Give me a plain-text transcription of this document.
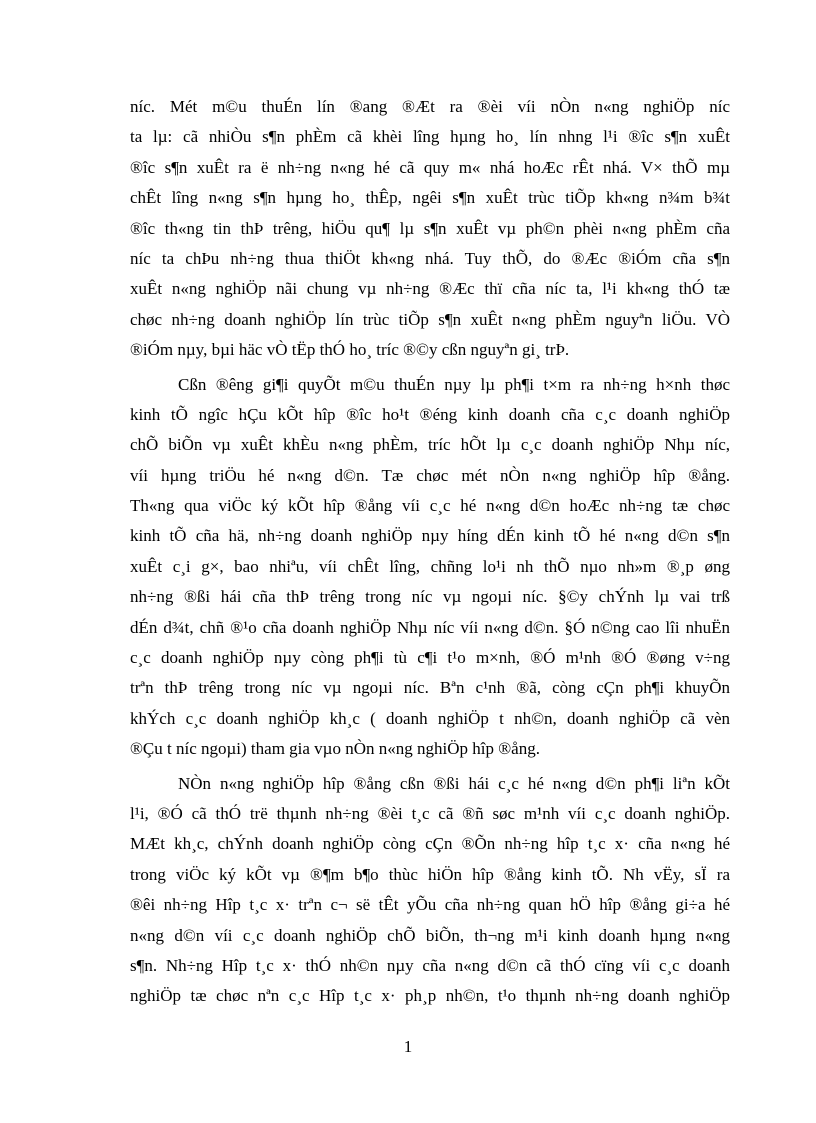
níc. Mét m©u thuÉn lín ®ang ®Æt ra ®èi víi nÒn n«ng nghiÖp níc
ta lµ: cã nhiÒu s¶n phÈm cã khèi lîng hµng ho¸ lín nhng l¹i ®îc s¶n xuÊt
®îc s¶n xuÊt ra ë nh÷ng n«ng hé cã quy m« nhá hoÆc rÊt nhá. V× thÕ mµ
chÊt lîng n«ng s¶n hµng ho¸ thÊp, ngêi s¶n xuÊt trùc tiÕp kh«ng n¾m b¾t
®îc th«ng tin thÞ trêng, hiÖu qu¶ lµ s¶n xuÊt vµ ph©n phèi n«ng phÈm cña
níc ta chÞu nh÷ng thua thiÖt kh«ng nhá. Tuy thÕ, do ®Æc ®iÓm cña s¶n
xuÊt n«ng nghiÖp nãi chung vµ nh÷ng ®Æc thï cña níc ta, l¹i kh«ng thÓ tæ
chøc nh÷ng doanh nghiÖp lín trùc tiÕp s¶n xuÊt n«ng phÈm nguyªn liÖu. VÒ
®iÓm nµy, bµi häc vÒ tËp thÓ ho¸ tríc ®©y cßn nguyªn gi¸ trÞ.
Cßn ®êng gi¶i quyÕt m©u thuÉn nµy lµ ph¶i t×m ra nh÷ng h×nh thøc
kinh tÕ ngîc hÇu kÕt hîp ®îc ho¹t ®éng kinh doanh cña c¸c doanh nghiÖp
chÕ biÕn vµ xuÊt khÈu n«ng phÈm, tríc hÕt lµ c¸c doanh nghiÖp Nhµ níc,
víi hµng triÖu hé n«ng d©n. Tæ chøc mét nÒn n«ng nghiÖp hîp ®ång.
Th«ng qua viÖc ký kÕt hîp ®ång víi c¸c hé n«ng d©n hoÆc nh÷ng tæ chøc
kinh tÕ cña hä, nh÷ng doanh nghiÖp nµy híng dÉn kinh tÕ hé n«ng d©n s¶n
xuÊt c¸i g×, bao nhiªu, víi chÊt lîng, chñng lo¹i nh thÕ nµo nh»m ®¸p øng
nh÷ng ®ßi hái cña thÞ trêng trong níc vµ ngoµi níc. §©y chÝnh lµ vai trß
dÉn d¾t, chñ ®¹o cña doanh nghiÖp Nhµ níc víi n«ng d©n. §Ó n©ng cao lîi nhuËn
c¸c doanh nghiÖp nµy còng ph¶i tù c¶i t¹o m×nh, ®Ó m¹nh ®Ó ®øng v÷ng
trªn thÞ trêng trong níc vµ ngoµi níc. Bªn c¹nh ®ã, còng cÇn ph¶i khuyÕn
khÝch c¸c doanh nghiÖp kh¸c ( doanh nghiÖp t nh©n, doanh nghiÖp cã vèn
®Çu t níc ngoµi) tham gia vµo nÒn n«ng nghiÖp hîp ®ång.
NÒn n«ng nghiÖp hîp ®ång cßn ®ßi hái c¸c hé n«ng d©n ph¶i liªn kÕt
l¹i, ®Ó cã thÓ trë thµnh nh÷ng ®èi t¸c cã ®ñ søc m¹nh víi c¸c doanh nghiÖp.
MÆt kh¸c, chÝnh doanh nghiÖp còng cÇn ®Õn nh÷ng hîp t¸c x· cña n«ng hé
trong viÖc ký kÕt vµ ®¶m b¶o thùc hiÖn hîp ®ång kinh tÕ. Nh vËy, sÏ ra
®êi nh÷ng Hîp t¸c x· trªn c¬ së tÊt yÕu cña nh÷ng quan hÖ hîp ®ång gi÷a hé
n«ng d©n víi c¸c doanh nghiÖp chÕ biÕn, th¬ng m¹i kinh doanh hµng n«ng
s¶n. Nh÷ng Hîp t¸c x· thÓ nh©n nµy cña n«ng d©n cã thÓ cïng víi c¸c doanh
nghiÖp tæ chøc nªn c¸c Hîp t¸c x· ph¸p nh©n, t¹o thµnh nh÷ng doanh nghiÖp
1
